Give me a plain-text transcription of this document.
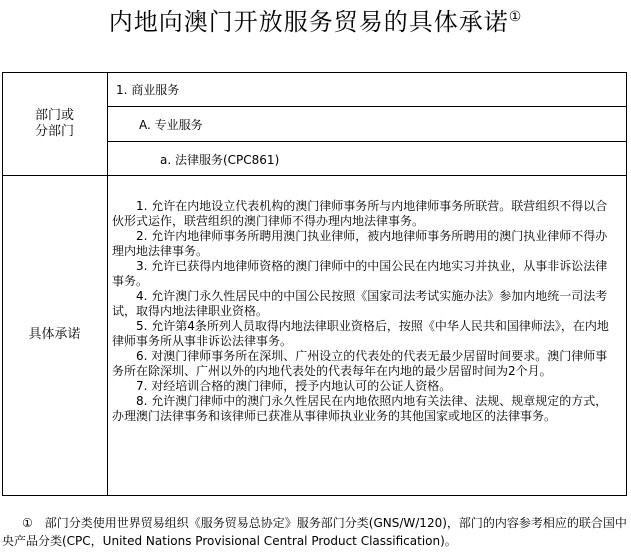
内地向澳门开放服务贸易的具体承诺①
部门或
分部门
具体承诺
1. 商业服务
A. 专业服务
a. 法律服务(CPC861)

1. 允许在内地设立代表机构的澳门律师事务所与内地律师事务所联营。联营组织不得以合伙形式运作，联营组织的澳门律师不得办理内地法律事务。

2. 允许内地律师事务所聘用澳门执业律师，被内地律师事务所聘用的澳门执业律师不得办理内地法律事务。

3. 允许已获得内地律师资格的澳门律师中的中国公民在内地实习并执业，从事非诉讼法律事务。

4. 允许澳门永久性居民中的中国公民按照《国家司法考试实施办法》参加内地统一司法考试，取得内地法律职业资格。

5. 允许第4条所列人员取得内地法律职业资格后，按照《中华人民共和国律师法》，在内地律师事务所从事非诉讼法律事务。

6. 对澳门律师事务所在深圳、广州设立的代表处的代表无最少居留时间要求。澳门律师事务所在除深圳、广州以外的内地代表处的代表每年在内地的最少居留时间为2个月。

7. 对经培训合格的澳门律师，授予内地认可的公证人资格。

8. 允许澳门律师中的澳门永久性居民在内地依照内地有关法律、法规、规章规定的方式，办理澳门法律事务和该律师已获准从事律师执业业务的其他国家或地区的法律事务。

①　 部门分类使用世界贸易组织《服务贸易总协定》服务部门分类(GNS/W/120)，部门的内容参考相应的联合国中央产品分类(CPC，United Nations Provisional Central Product Classification)。
